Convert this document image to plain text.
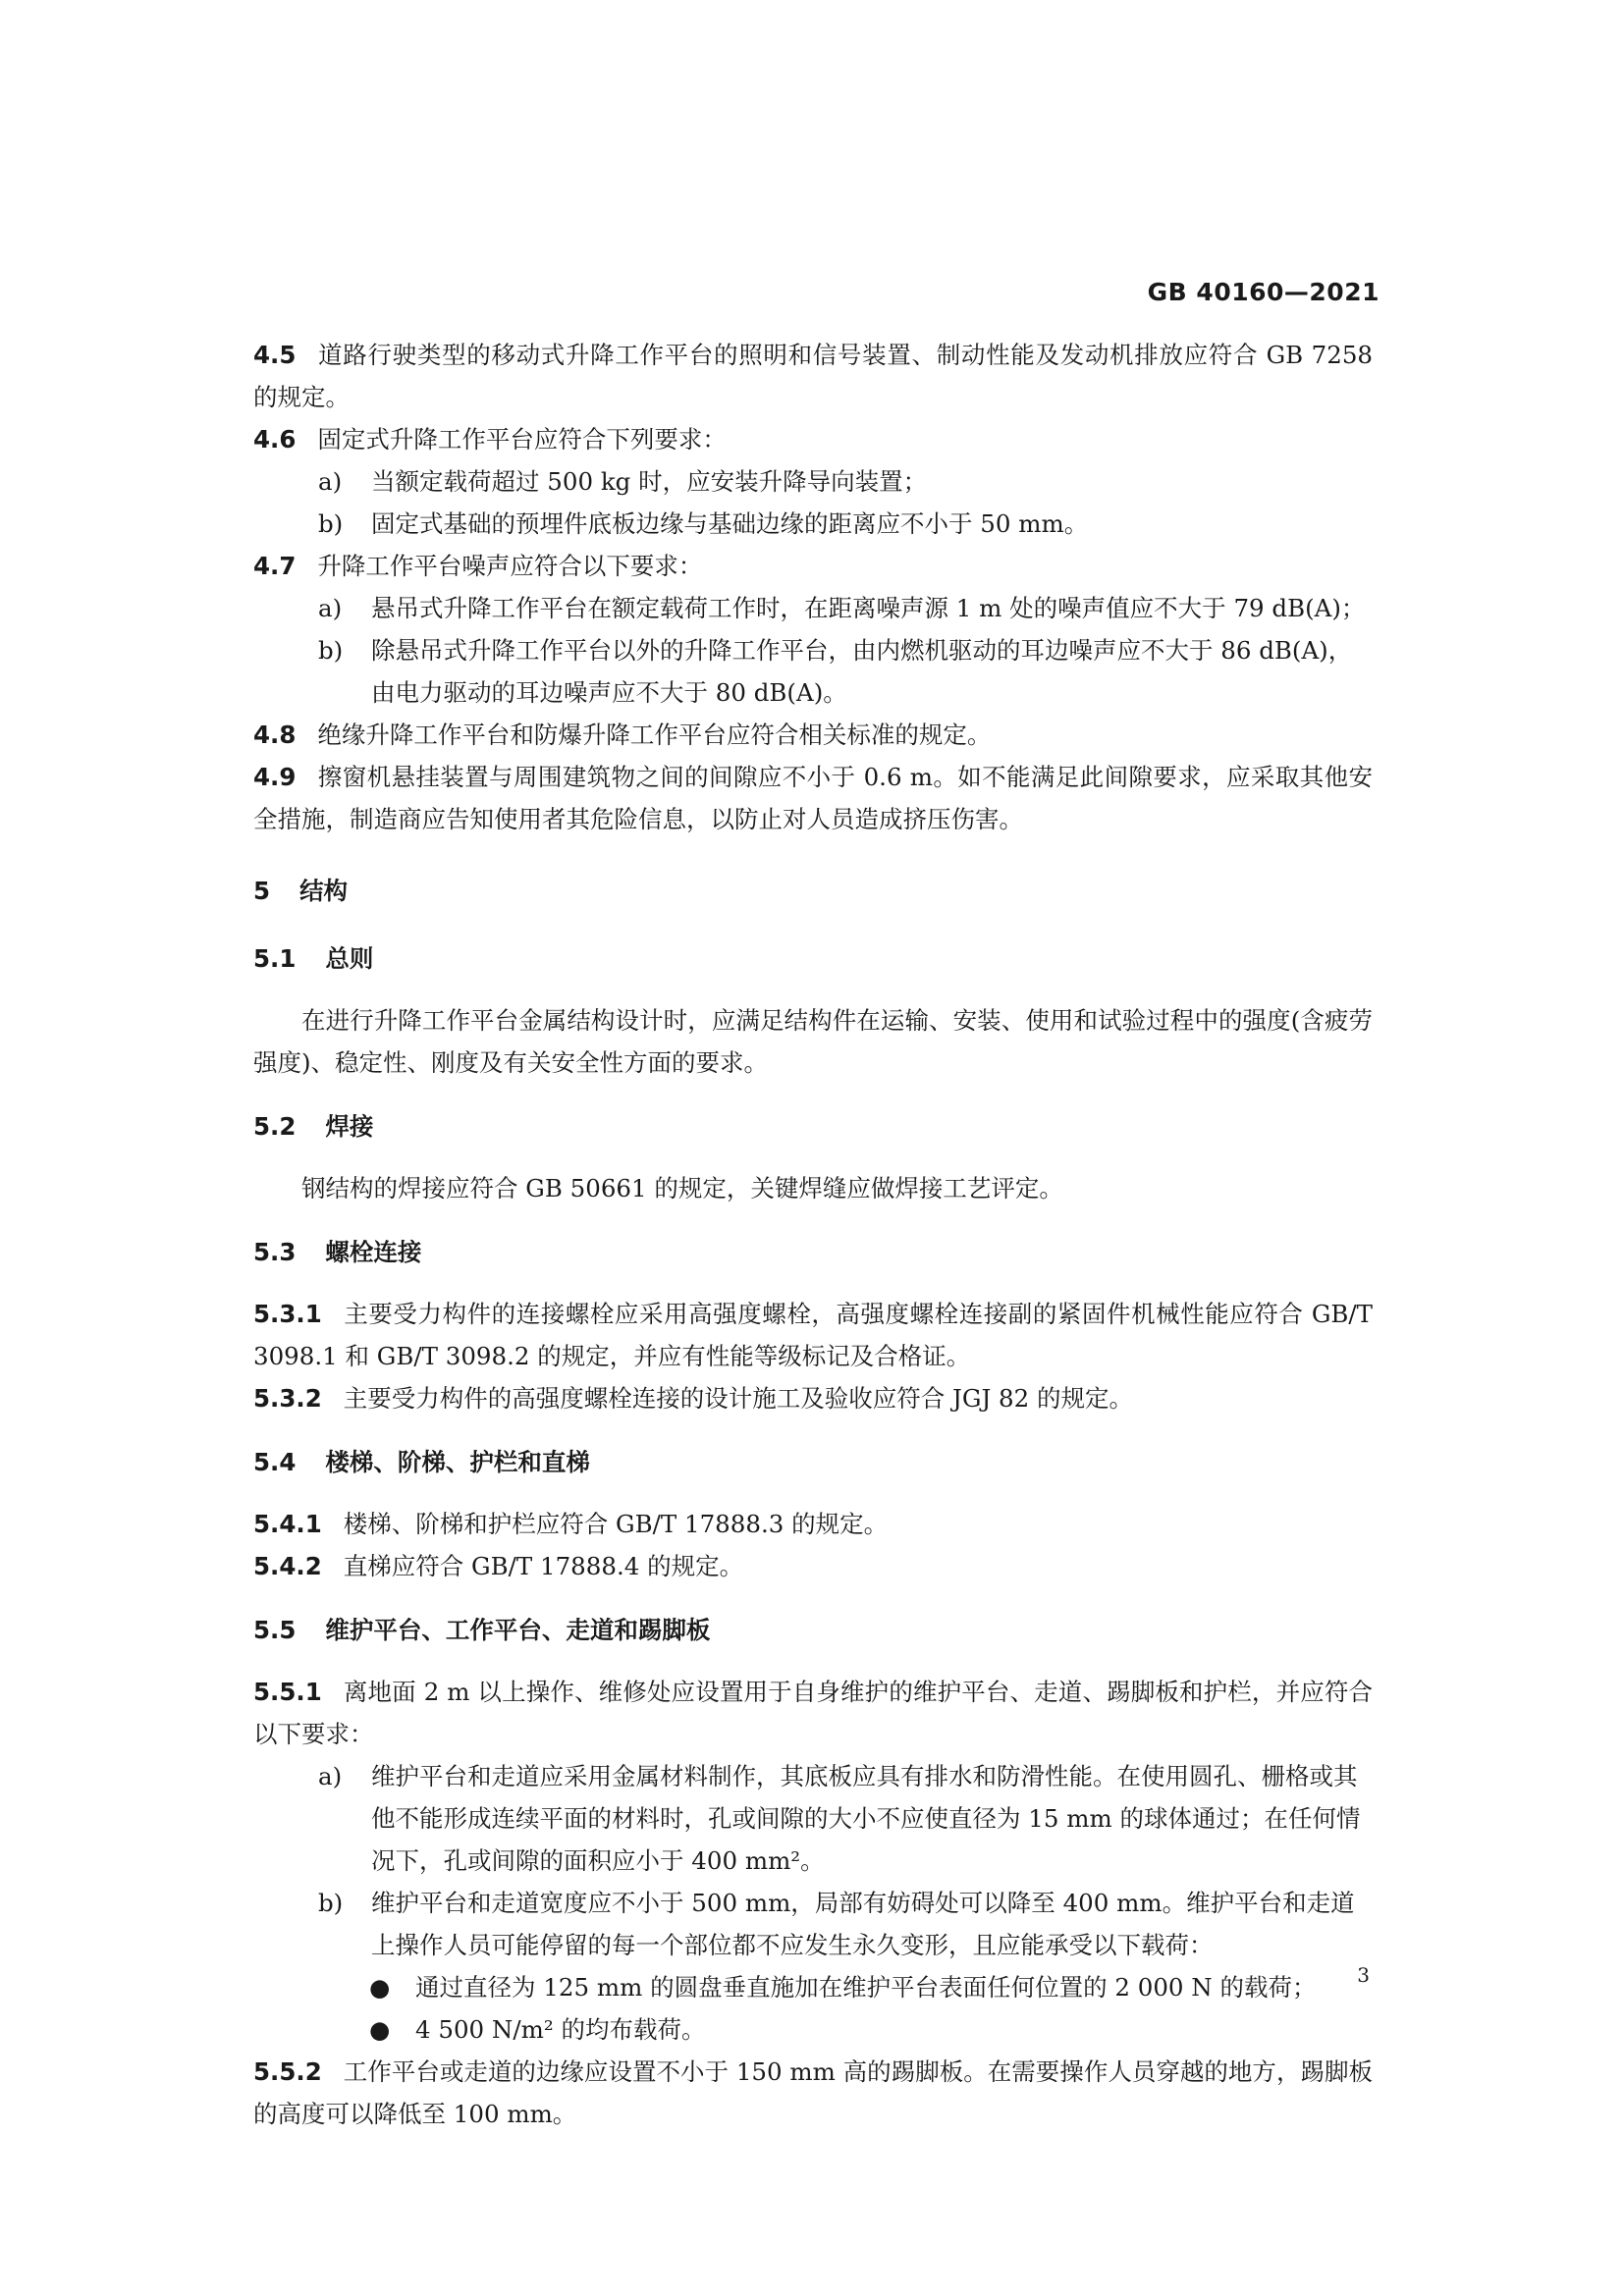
GB 40160—2021

4.5 道路行驶类型的移动式升降工作平台的照明和信号装置、制动性能及发动机排放应符合 GB 7258 的规定。

4.6 固定式升降工作平台应符合下列要求：

a) 当额定载荷超过 500 kg 时，应安装升降导向装置；

b) 固定式基础的预埋件底板边缘与基础边缘的距离应不小于 50 mm。

4.7 升降工作平台噪声应符合以下要求：

a) 悬吊式升降工作平台在额定载荷工作时，在距离噪声源 1 m 处的噪声值应不大于 79 dB(A)；

b) 除悬吊式升降工作平台以外的升降工作平台，由内燃机驱动的耳边噪声应不大于 86 dB(A)，由电力驱动的耳边噪声应不大于 80 dB(A)。

4.8 绝缘升降工作平台和防爆升降工作平台应符合相关标准的规定。

4.9 擦窗机悬挂装置与周围建筑物之间的间隙应不小于 0.6 m。如不能满足此间隙要求，应采取其他安全措施，制造商应告知使用者其危险信息，以防止对人员造成挤压伤害。

5 结构
5.1 总则

在进行升降工作平台金属结构设计时，应满足结构件在运输、安装、使用和试验过程中的强度(含疲劳强度)、稳定性、刚度及有关安全性方面的要求。

5.2 焊接

钢结构的焊接应符合 GB 50661 的规定，关键焊缝应做焊接工艺评定。

5.3 螺栓连接

5.3.1 主要受力构件的连接螺栓应采用高强度螺栓，高强度螺栓连接副的紧固件机械性能应符合 GB/T 3098.1 和 GB/T 3098.2 的规定，并应有性能等级标记及合格证。

5.3.2 主要受力构件的高强度螺栓连接的设计施工及验收应符合 JGJ 82 的规定。

5.4 楼梯、阶梯、护栏和直梯

5.4.1 楼梯、阶梯和护栏应符合 GB/T 17888.3 的规定。

5.4.2 直梯应符合 GB/T 17888.4 的规定。

5.5 维护平台、工作平台、走道和踢脚板

5.5.1 离地面 2 m 以上操作、维修处应设置用于自身维护的维护平台、走道、踢脚板和护栏，并应符合以下要求：

a) 维护平台和走道应采用金属材料制作，其底板应具有排水和防滑性能。在使用圆孔、栅格或其他不能形成连续平面的材料时，孔或间隙的大小不应使直径为 15 mm 的球体通过；在任何情况下，孔或间隙的面积应小于 400 mm²。

b) 维护平台和走道宽度应不小于 500 mm，局部有妨碍处可以降至 400 mm。维护平台和走道上操作人员可能停留的每一个部位都不应发生永久变形，且应能承受以下载荷：

● 通过直径为 125 mm 的圆盘垂直施加在维护平台表面任何位置的 2 000 N 的载荷；

● 4 500 N/m² 的均布载荷。

5.5.2 工作平台或走道的边缘应设置不小于 150 mm 高的踢脚板。在需要操作人员穿越的地方，踢脚板的高度可以降低至 100 mm。

3
